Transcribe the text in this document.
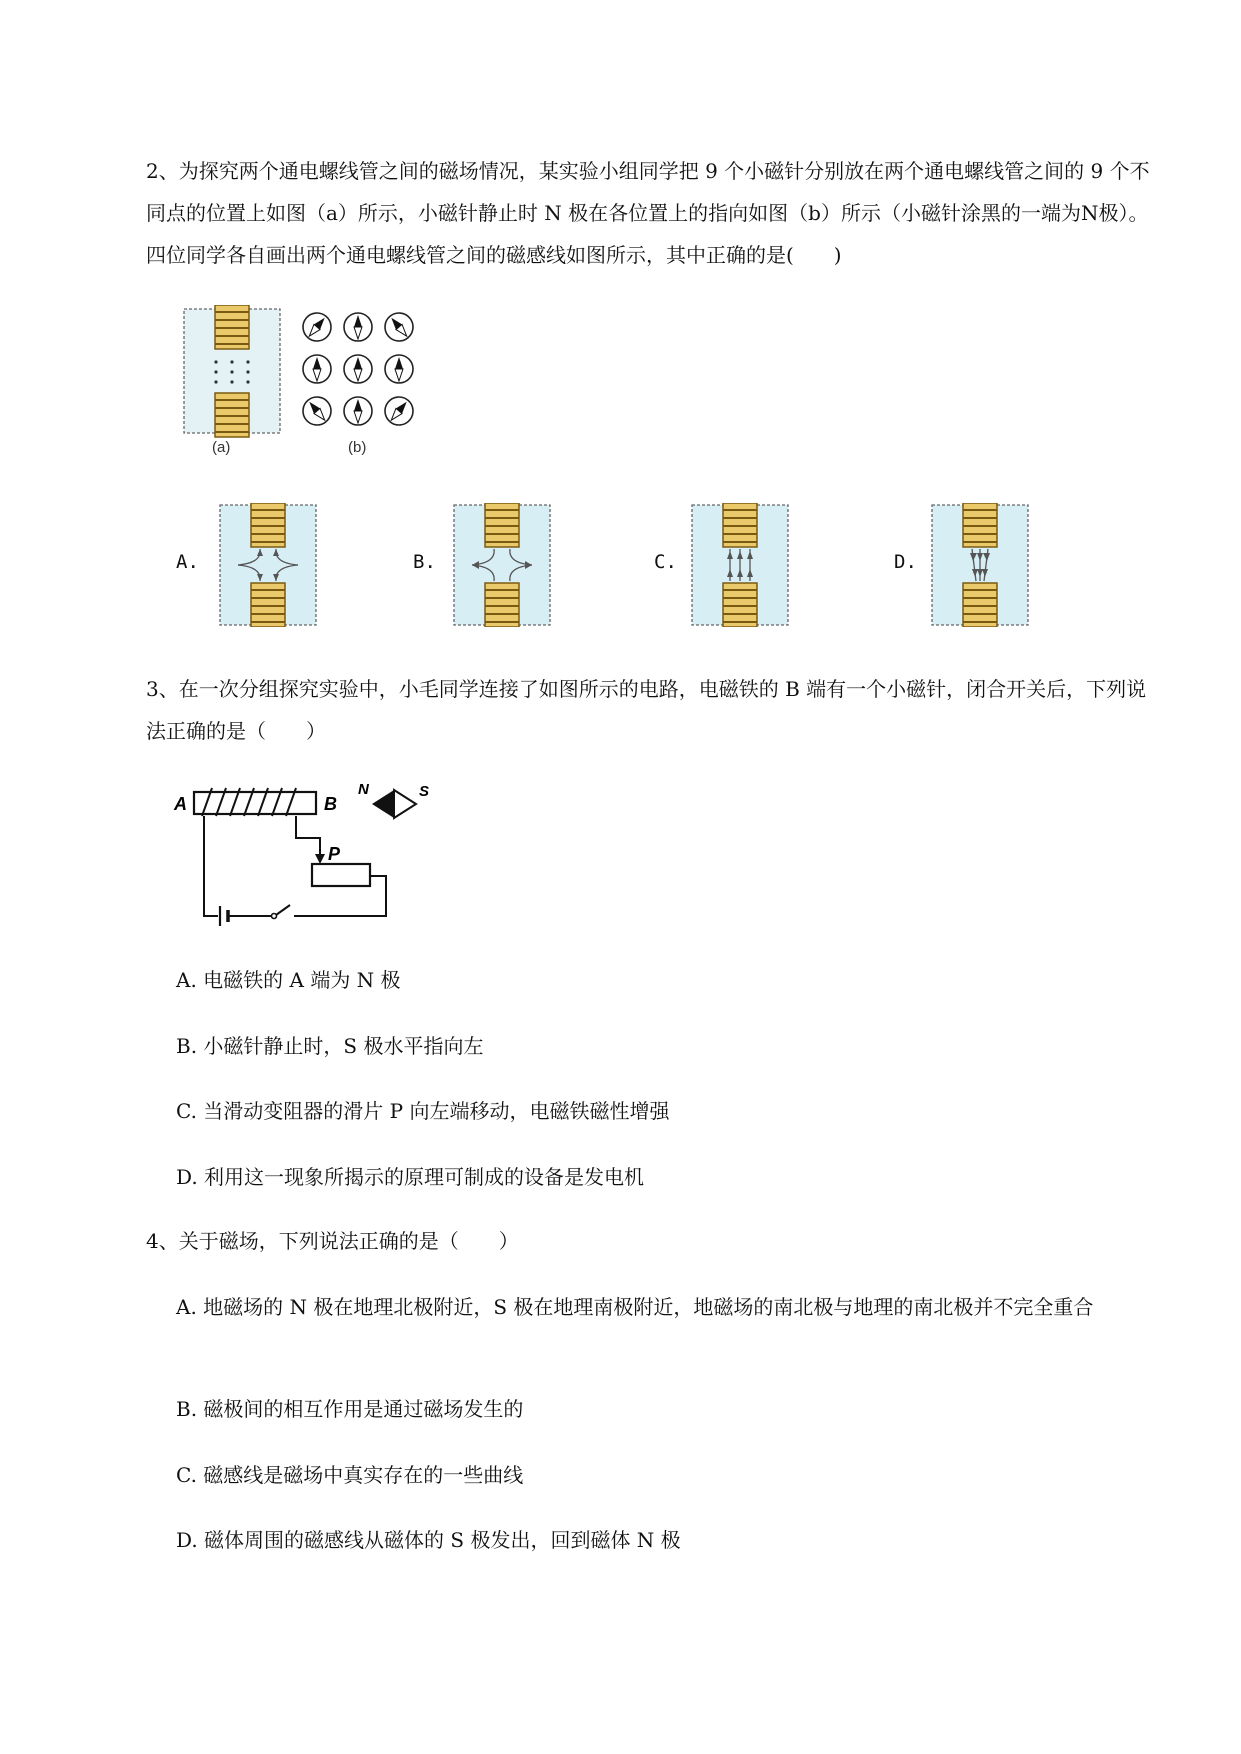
2、为探究两个通电螺线管之间的磁场情况，某实验小组同学把 9 个小磁针分别放在两个通电螺线管之间的 9 个不同点的位置上如图（a）所示，小磁针静止时 N 极在各位置上的指向如图（b）所示（小磁针涂黑的一端为N极）。四位同学各自画出两个通电螺线管之间的磁感线如图所示，其中正确的是(　　)
(a)	(b)
A.	B.	C.	D.
3、在一次分组探究实验中，小毛同学连接了如图所示的电路，电磁铁的 B 端有一个小磁针，闭合开关后，下列说法正确的是（　　）
A	B
P
N	S
A. 电磁铁的 A 端为 N 极
B. 小磁针静止时，S 极水平指向左
C. 当滑动变阻器的滑片 P 向左端移动，电磁铁磁性增强
D. 利用这一现象所揭示的原理可制成的设备是发电机
4、关于磁场，下列说法正确的是（　　）
A. 地磁场的 N 极在地理北极附近，S 极在地理南极附近，地磁场的南北极与地理的南北极并不完全重合
B. 磁极间的相互作用是通过磁场发生的
C. 磁感线是磁场中真实存在的一些曲线
D. 磁体周围的磁感线从磁体的 S 极发出，回到磁体 N 极
